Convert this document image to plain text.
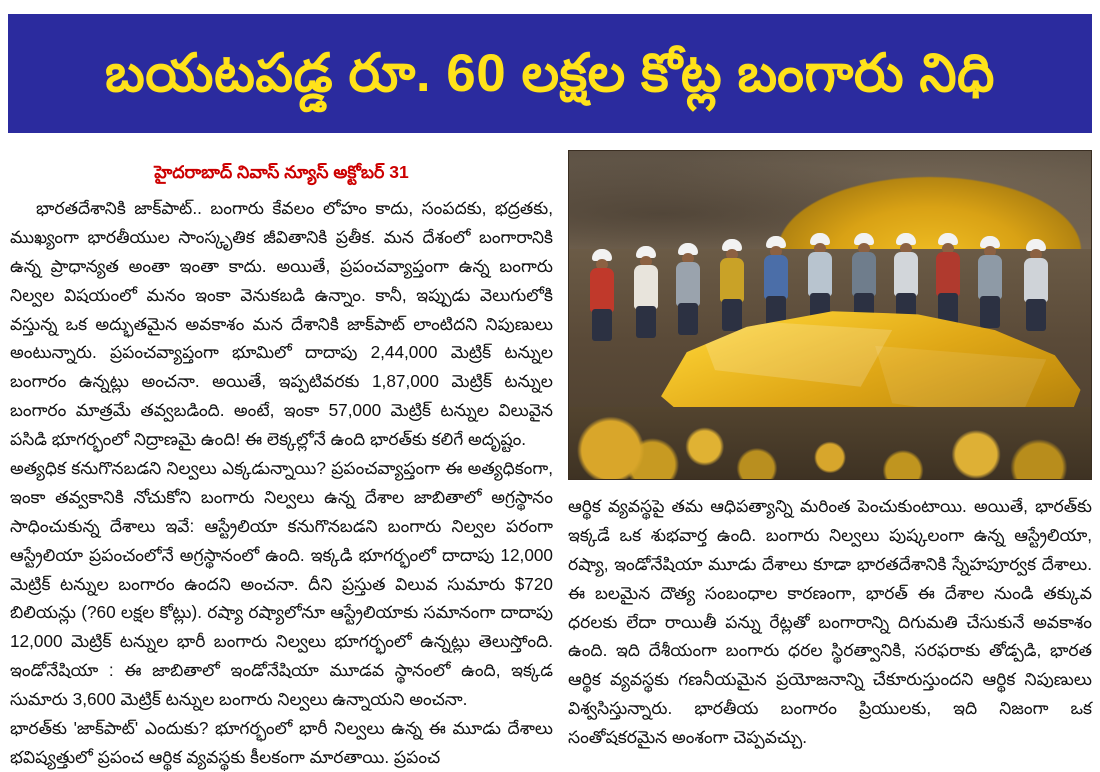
బయటపడ్డ రూ. 60 లక్షల కోట్ల బంగారు నిధి
హైదరాబాద్ నివాస్ న్యూస్ అక్టోబర్ 31
భారతదేశానికి జాక్‌పాట్.. బంగారు కేవలం లోహం కాదు, సంపదకు, భద్రతకు, ముఖ్యంగా భారతీయుల సాంస్కృతిక జీవితానికి ప్రతీక. మన దేశంలో బంగారానికి ఉన్న ప్రాధాన్యత అంతా ఇంతా కాదు. అయితే, ప్రపంచవ్యాప్తంగా ఉన్న బంగారు నిల్వల విషయంలో మనం ఇంకా వెనుకబడి ఉన్నాం. కానీ, ఇప్పుడు వెలుగులోకి వస్తున్న ఒక అద్భుతమైన అవకాశం మన దేశానికి జాక్‌పాట్ లాంటిదని నిపుణులు అంటున్నారు. ప్రపంచవ్యాప్తంగా భూమిలో దాదాపు 2,44,000 మెట్రిక్ టన్నుల బంగారం ఉన్నట్లు అంచనా. అయితే, ఇప్పటివరకు 1,87,000 మెట్రిక్ టన్నుల బంగారం మాత్రమే తవ్వబడింది. అంటే, ఇంకా 57,000 మెట్రిక్ టన్నుల విలువైన పసిడి భూగర్భంలో నిద్రాణమై ఉంది! ఈ లెక్కల్లోనే ఉంది భారత్‌కు కలిగే అదృష్టం.
అత్యధిక కనుగొనబడని నిల్వలు ఎక్కడున్నాయి? ప్రపంచవ్యాప్తంగా ఈ అత్యధికంగా, ఇంకా తవ్వకానికి నోచుకోని బంగారు నిల్వలు ఉన్న దేశాల జాబితాలో అగ్రస్థానం సాధించుకున్న దేశాలు ఇవే: ఆస్ట్రేలియా కనుగొనబడని బంగారు నిల్వల పరంగా ఆస్ట్రేలియా ప్రపంచంలోనే అగ్రస్థానంలో ఉంది. ఇక్కడి భూగర్భంలో దాదాపు 12,000 మెట్రిక్ టన్నుల బంగారం ఉందని అంచనా. దీని ప్రస్తుత విలువ సుమారు $720 బిలియన్లు (?60 లక్షల కోట్లు). రష్యా రష్యాలోనూ ఆస్ట్రేలియాకు సమానంగా దాదాపు 12,000 మెట్రిక్ టన్నుల భారీ బంగారు నిల్వలు భూగర్భంలో ఉన్నట్లు తెలుస్తోంది. ఇండోనేషియా : ఈ జాబితాలో ఇండోనేషియా మూడవ స్థానంలో ఉంది, ఇక్కడ సుమారు 3,600 మెట్రిక్ టన్నుల బంగారు నిల్వలు ఉన్నాయని అంచనా.
భారత్‌కు 'జాక్‌పాట్' ఎందుకు? భూగర్భంలో భారీ నిల్వలు ఉన్న ఈ మూడు దేశాలు భవిష్యత్తులో ప్రపంచ ఆర్థిక వ్యవస్థకు కీలకంగా మారతాయి. ప్రపంచ
ఆర్థిక వ్యవస్థపై తమ ఆధిపత్యాన్ని మరింత పెంచుకుంటాయి. అయితే, భారత్‌కు ఇక్కడే ఒక శుభవార్త ఉంది. బంగారు నిల్వలు పుష్కలంగా ఉన్న ఆస్ట్రేలియా, రష్యా, ఇండోనేషియా మూడు దేశాలు కూడా భారతదేశానికి స్నేహపూర్వక దేశాలు. ఈ బలమైన దౌత్య సంబంధాల కారణంగా, భారత్ ఈ దేశాల నుండి తక్కువ ధరలకు లేదా రాయితీ పన్ను రేట్లతో బంగారాన్ని దిగుమతి చేసుకునే అవకాశం ఉంది. ఇది దేశీయంగా బంగారు ధరల స్థిరత్వానికి, సరఫరాకు తోడ్పడి, భారత ఆర్థిక వ్యవస్థకు గణనీయమైన ప్రయోజనాన్ని చేకూరుస్తుందని ఆర్థిక నిపుణులు విశ్వసిస్తున్నారు. భారతీయ బంగారం ప్రియులకు, ఇది నిజంగా ఒక సంతోషకరమైన అంశంగా చెప్పవచ్చు.
